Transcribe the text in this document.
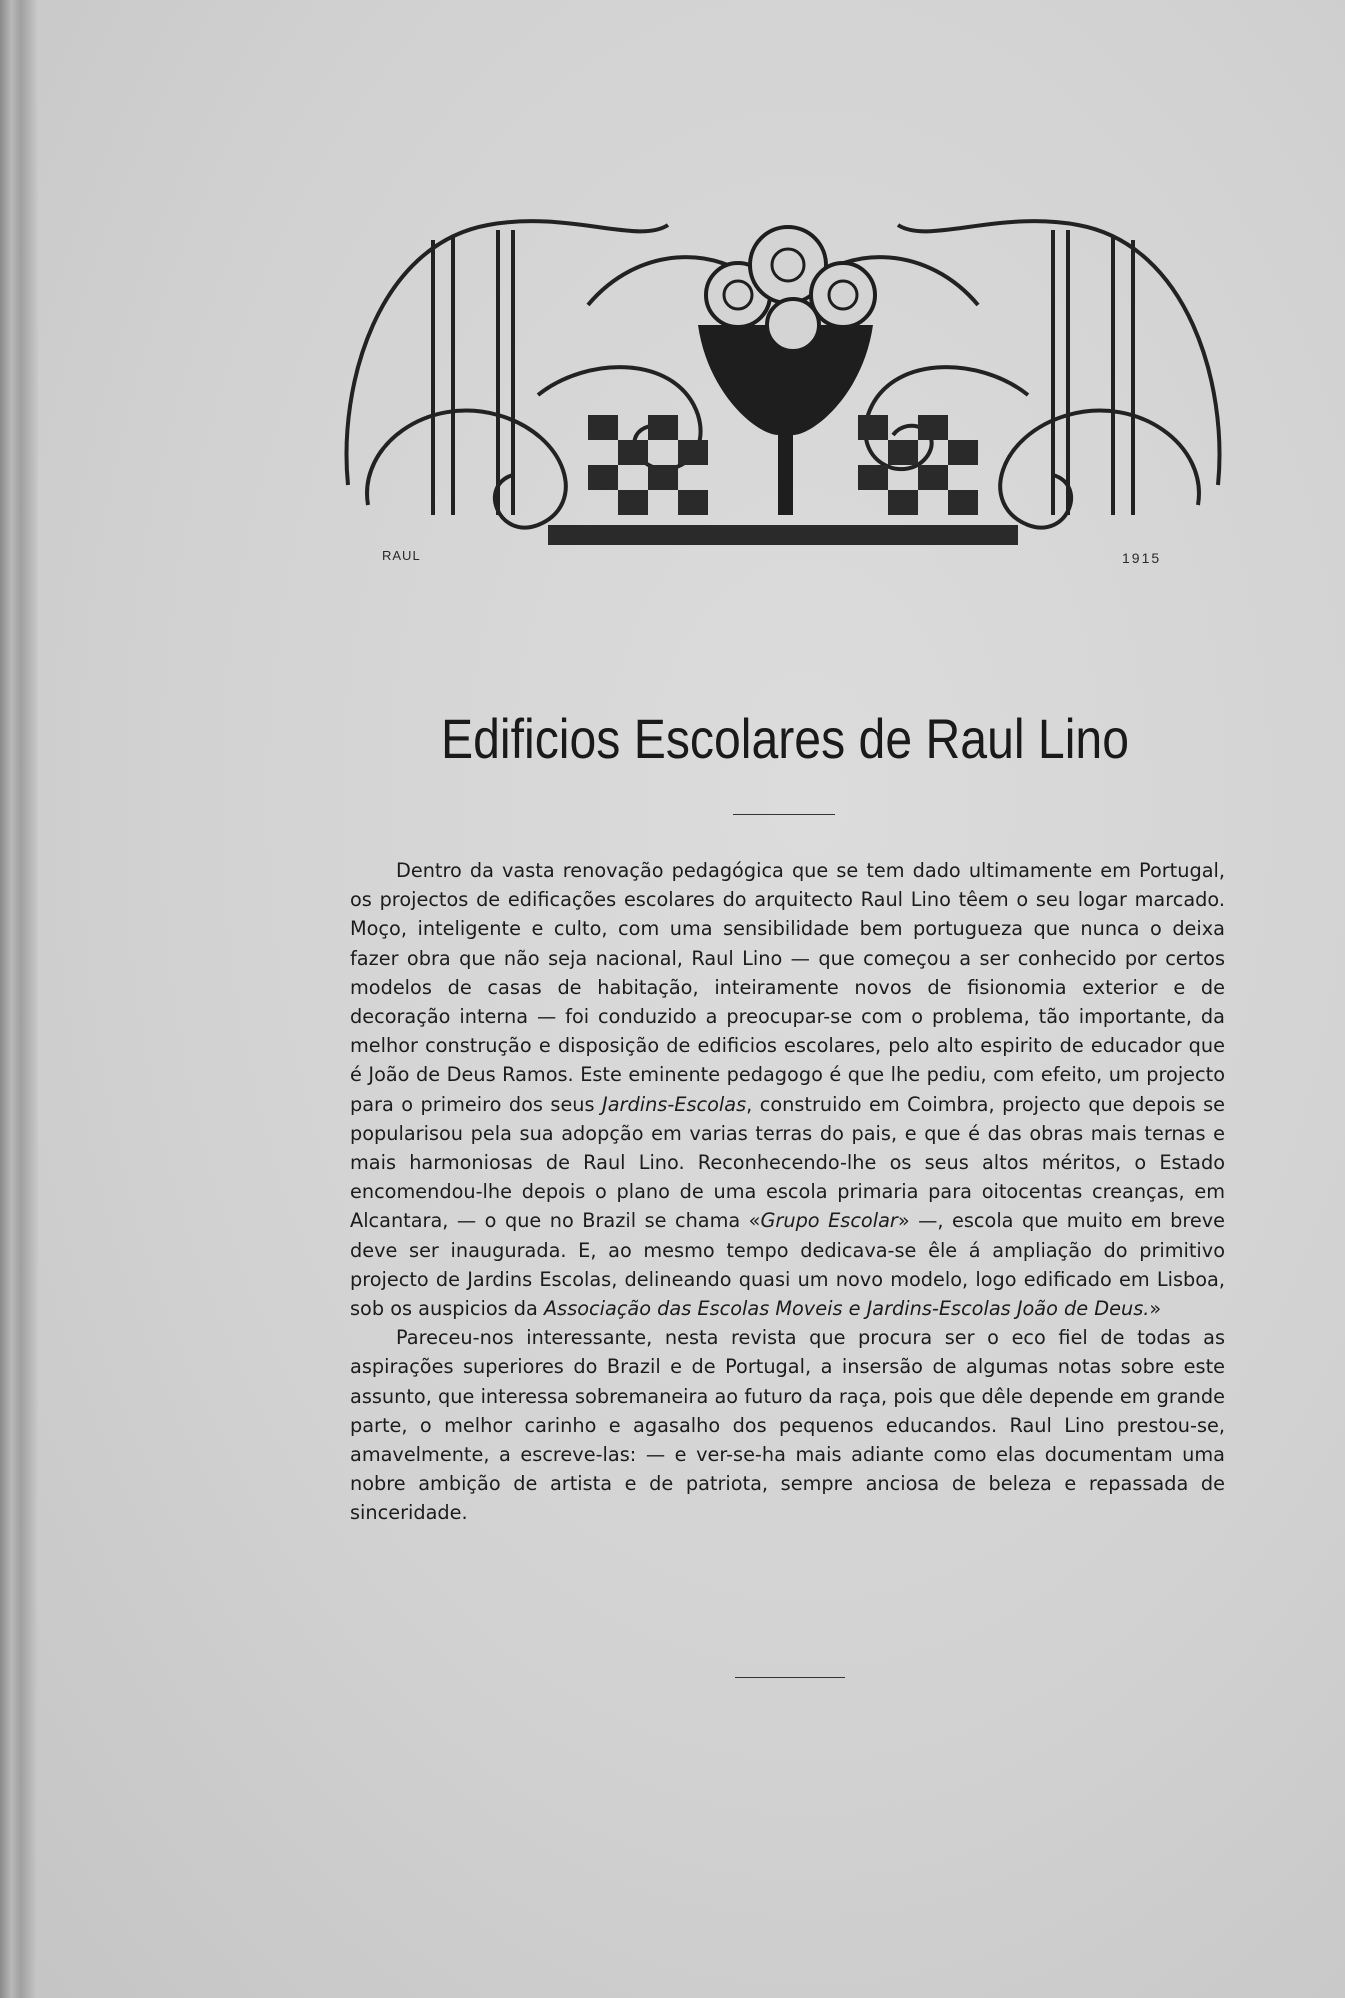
RAUL	1915
Edificios Escolares de Raul Lino

Dentro da vasta renovação pedagógica que se tem dado ultimamente em Portugal, os projectos de edificações escolares do arquitecto Raul Lino têem o seu logar marcado. Moço, inteligente e culto, com uma sensibilidade bem portugueza que nunca o deixa fazer obra que não seja nacional, Raul Lino — que começou a ser conhecido por certos modelos de casas de habitação, inteiramente novos de fisionomia exterior e de decoração interna — foi conduzido a preocupar-se com o problema, tão importante, da melhor construção e disposição de edificios escolares, pelo alto espirito de educador que é João de Deus Ramos. Este eminente pedagogo é que lhe pediu, com efeito, um projecto para o primeiro dos seus Jardins-Escolas, construido em Coimbra, projecto que depois se popularisou pela sua adopção em varias terras do pais, e que é das obras mais ternas e mais harmoniosas de Raul Lino. Reconhecendo-lhe os seus altos méritos, o Estado encomendou-lhe depois o plano de uma escola primaria para oitocentas creanças, em Alcantara, — o que no Brazil se chama «Grupo Escolar» —, escola que muito em breve deve ser inaugurada. E, ao mesmo tempo dedicava-se êle á ampliação do primitivo projecto de Jardins Escolas, delineando quasi um novo modelo, logo edificado em Lisboa, sob os auspicios da Associação das Escolas Moveis e Jardins-Escolas João de Deus.»

Pareceu-nos interessante, nesta revista que procura ser o eco fiel de todas as aspirações superiores do Brazil e de Portugal, a insersão de algumas notas sobre este assunto, que interessa sobremaneira ao futuro da raça, pois que dêle depende em grande parte, o melhor carinho e agasalho dos pequenos educandos. Raul Lino prestou-se, amavelmente, a escreve-las: — e ver-se-ha mais adiante como elas documentam uma nobre ambição de artista e de patriota, sempre anciosa de beleza e repassada de sinceridade.
